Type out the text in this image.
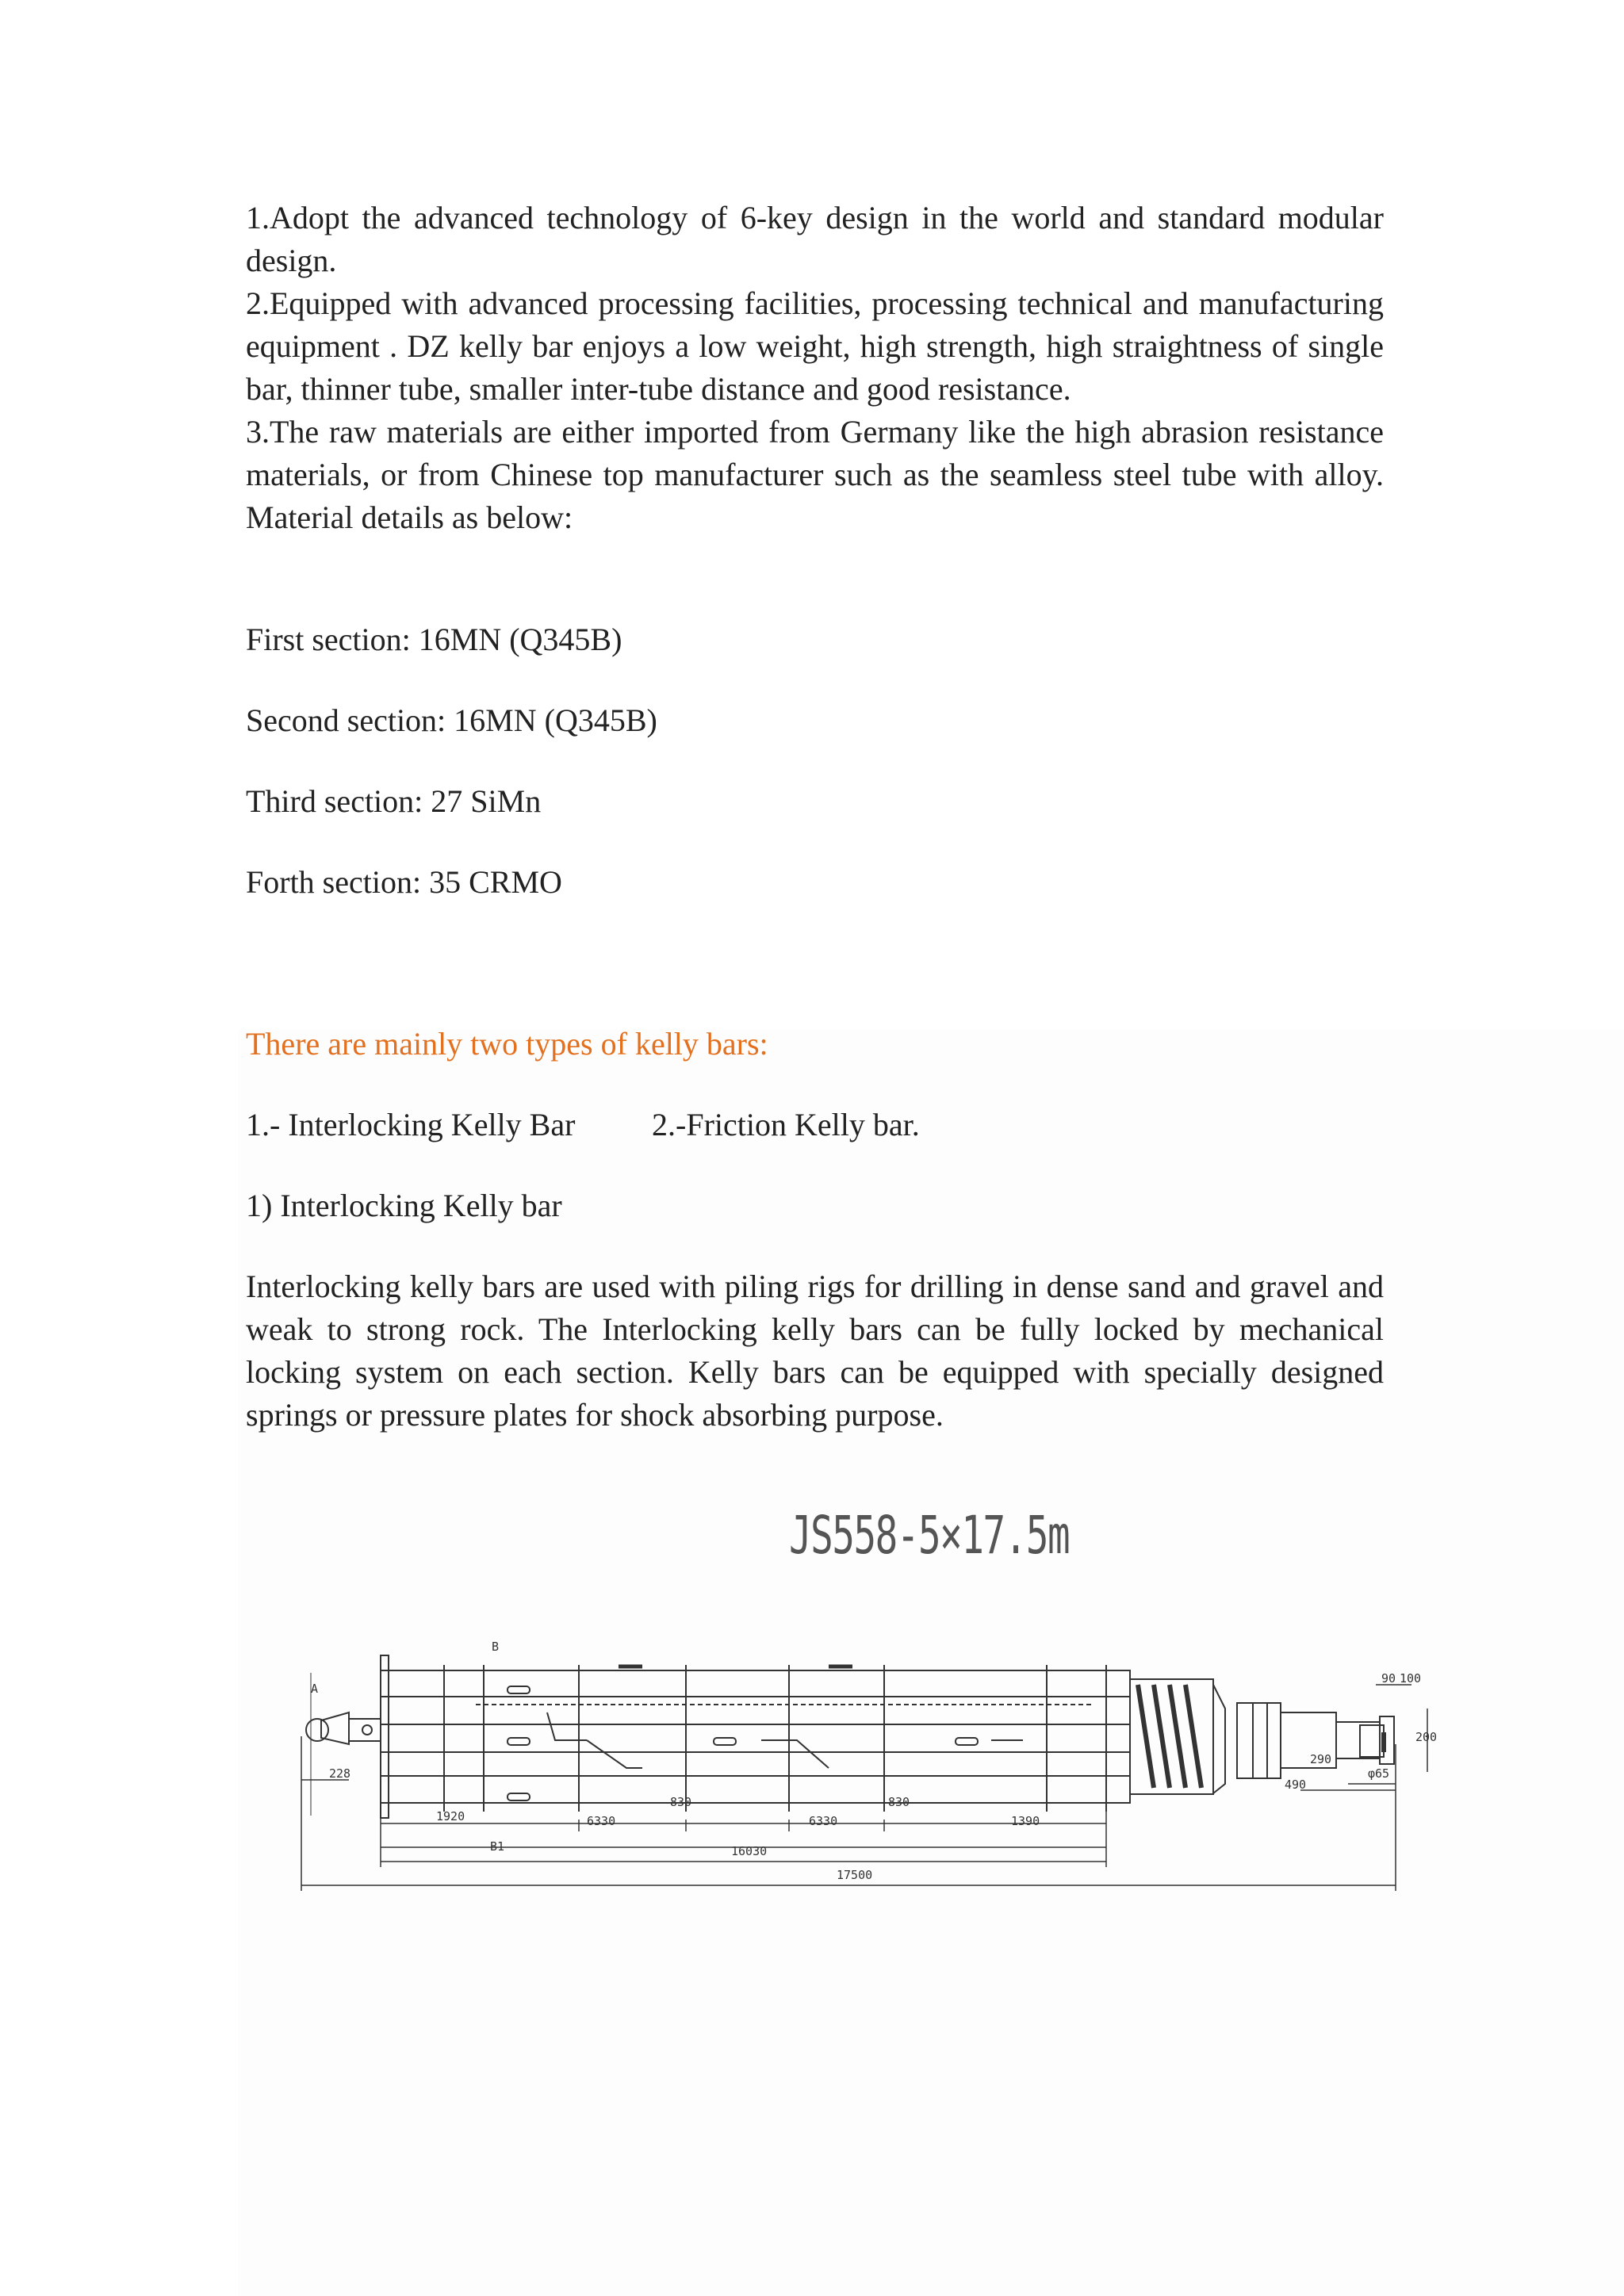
1.Adopt the advanced technology of 6-key design in the world and standard modular design.

2.Equipped with advanced processing facilities, processing technical and manufacturing equipment . DZ kelly bar enjoys a low weight, high strength, high straightness of single bar, thinner tube, smaller inter-tube distance and good resistance.

3.The raw materials are either imported from Germany like the high abrasion resistance materials, or from Chinese top manufacturer such as the seamless steel tube with alloy. Material details as below:

First section: 16MN (Q345B)

Second section: 16MN (Q345B)

Third section: 27 SiMn

Forth section: 35 CRMO

There are mainly two types of kelly bars:

1.- Interlocking Kelly Bar 2.-Friction Kelly bar.

1) Interlocking Kelly bar

Interlocking kelly bars are used with piling rigs for drilling in dense sand and gravel and weak to strong rock. The Interlocking kelly bars can be fully locked by mechanical locking system on each section. Kelly bars can be equipped with specially designed springs or pressure plates for shock absorbing purpose.

JS558-5×17.5m
1920	6330
830
6330
830
1390
16030
17500
228
290
490
90 100
200
φ65
A
B
B1
